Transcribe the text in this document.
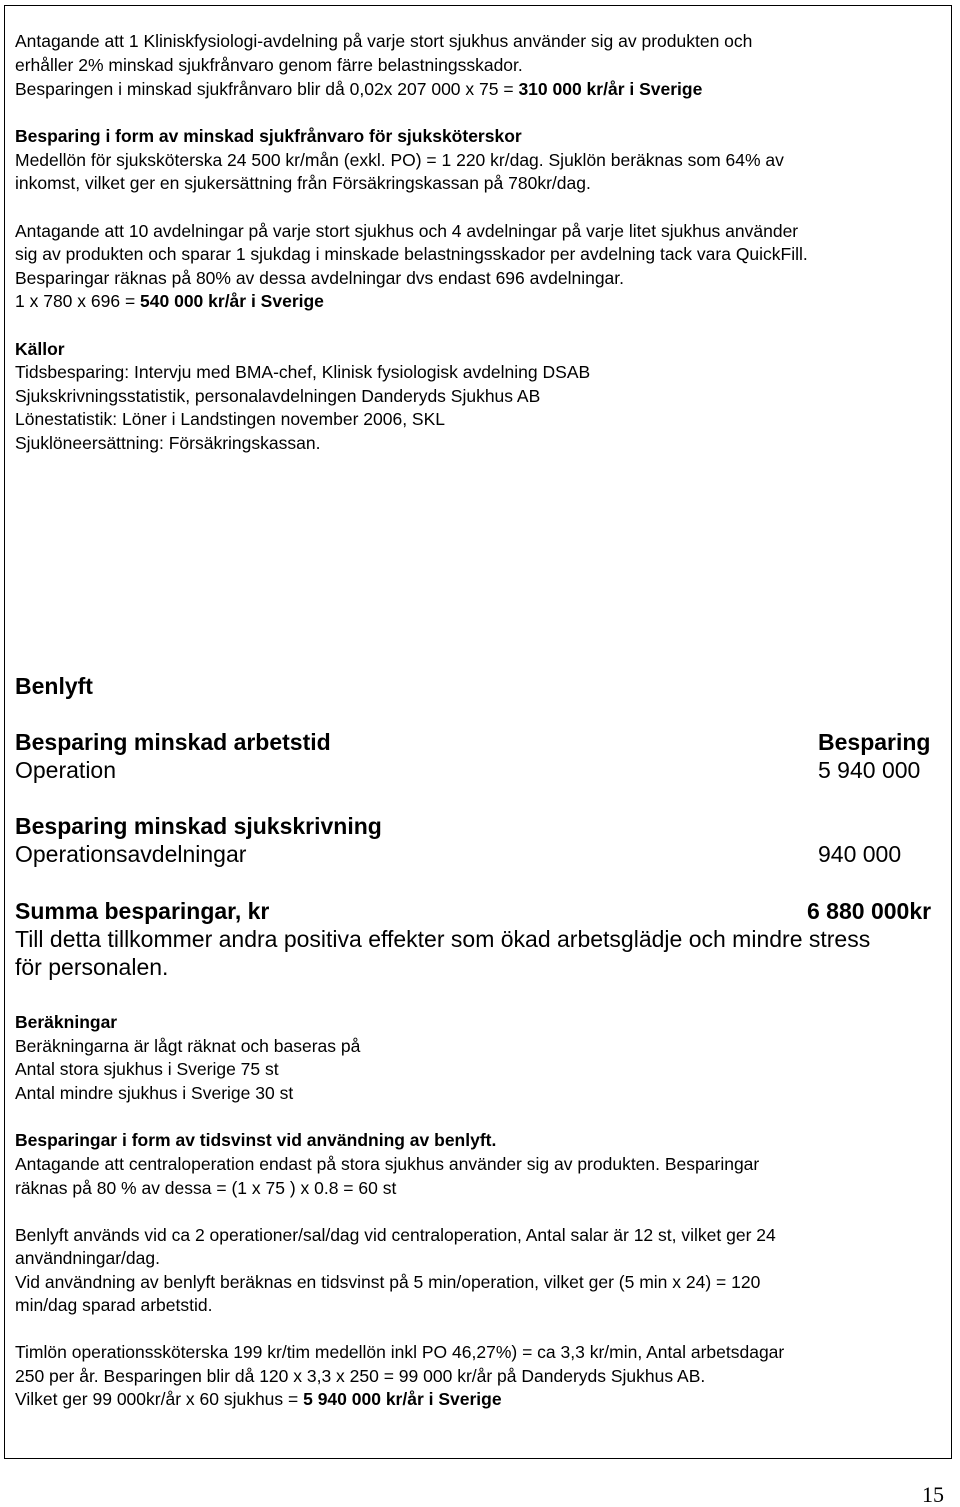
Antagande att 1 Kliniskfysiologi-avdelning på varje stort sjukhus använder sig av produkten och
erhåller 2% minskad sjukfrånvaro genom färre belastningsskador.
Besparingen i minskad sjukfrånvaro blir då 0,02x 207 000 x 75 = 310 000 kr/år i Sverige
Besparing i form av minskad sjukfrånvaro för sjuksköterskor
Medellön för sjuksköterska 24 500 kr/mån (exkl. PO) = 1 220 kr/dag. Sjuklön beräknas som 64% av
inkomst, vilket ger en sjukersättning från Försäkringskassan på 780kr/dag.
Antagande att 10 avdelningar på varje stort sjukhus och 4 avdelningar på varje litet sjukhus använder
sig av produkten och sparar 1 sjukdag i minskade belastningsskador per avdelning tack vara QuickFill.
Besparingar räknas på 80% av dessa avdelningar dvs endast 696 avdelningar.
1 x 780 x 696 = 540 000 kr/år i Sverige
Källor
Tidsbesparing: Intervju med BMA-chef, Klinisk fysiologisk avdelning DSAB
Sjukskrivningsstatistik, personalavdelningen Danderyds Sjukhus AB
Lönestatistik: Löner i Landstingen november 2006, SKL
Sjuklöneersättning: Försäkringskassan.
Benlyft
Besparing minskad arbetstid	Besparing
Operation	5 940 000
Besparing minskad sjukskrivning
Operationsavdelningar	940 000
Summa besparingar, kr	6 880 000kr
Till detta tillkommer andra positiva effekter som ökad arbetsglädje och mindre stress
för personalen.
Beräkningar
Beräkningarna är lågt räknat och baseras på
Antal stora sjukhus i Sverige 75 st
Antal mindre sjukhus i Sverige 30 st
Besparingar i form av tidsvinst vid användning av benlyft.
Antagande att centraloperation endast på stora sjukhus använder sig av produkten. Besparingar
räknas på 80 % av dessa = (1 x 75 ) x 0.8 = 60 st
Benlyft används vid ca 2 operationer/sal/dag vid centraloperation, Antal salar är 12 st, vilket ger 24
användningar/dag.
Vid användning av benlyft beräknas en tidsvinst på 5 min/operation, vilket ger (5 min x 24) = 120
min/dag sparad arbetstid.
Timlön operationssköterska 199 kr/tim medellön inkl PO 46,27%) = ca 3,3 kr/min, Antal arbetsdagar
250 per år. Besparingen blir då 120 x 3,3 x 250 = 99 000 kr/år på Danderyds Sjukhus AB.
Vilket ger 99 000kr/år x 60 sjukhus = 5 940 000 kr/år i Sverige
15
